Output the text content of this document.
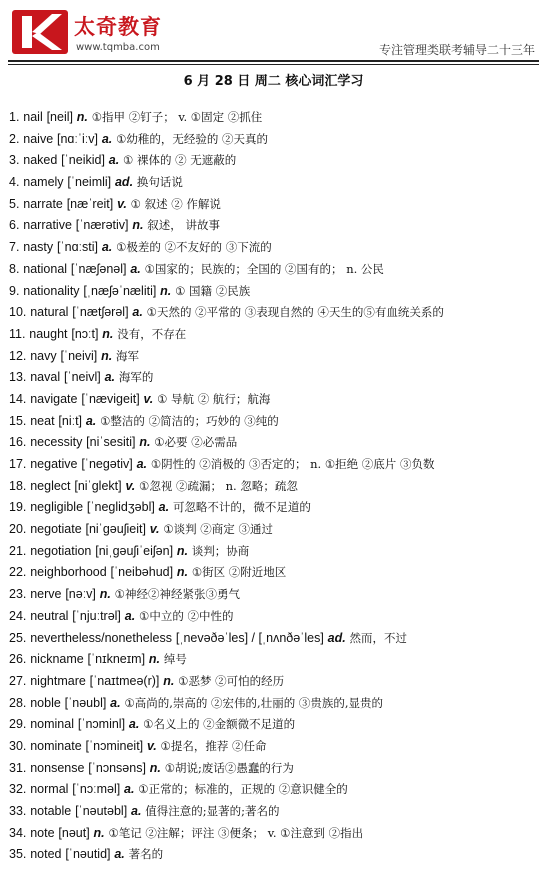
太奇教育
www.tqmba.com	专注管理类联考辅导二十三年
6 月 28 日 周二 核心词汇学习
1. nail [neil] n. ①指甲 ②钉子； v. ①固定 ②抓住
2. naive [nɑːˈiːv] a. ①幼稚的，无经验的 ②天真的
3. naked [ˈneikid] a. ① 裸体的 ② 无遮蔽的
4. namely [ˈneimli] ad. 换句话说
5. narrate [næˈreit] v. ① 叙述 ② 作解说
6. narrative [ˈnærətiv] n. 叙述， 讲故事
7. nasty [ˈnɑːsti] a. ①极差的 ②不友好的 ③下流的
8. national [ˈnæʃənəl] a. ①国家的；民族的；全国的 ②国有的； n. 公民
9. nationality [ˌnæʃəˈnæliti] n. ① 国籍 ②民族
10. natural [ˈnætʃərəl] a. ①天然的 ②平常的 ③表现自然的 ④天生的⑤有血统关系的
11. naught [nɔːt] n. 没有，不存在
12. navy [ˈneivi] n. 海军
13. naval [ˈneivl] a. 海军的
14. navigate [ˈnævigeit] v. ① 导航 ② 航行；航海
15. neat [niːt] a. ①整洁的 ②简洁的；巧妙的 ③纯的
16. necessity [niˈsesiti] n. ①必要 ②必需品
17. negative [ˈnegətiv] a. ①阴性的 ②消极的 ③否定的； n. ①拒绝 ②底片 ③负数
18. neglect [niˈglekt] v. ①忽视 ②疏漏； n. 忽略；疏忽
19. negligible [ˈneglidʒəbl] a. 可忽略不计的，微不足道的
20. negotiate [niˈgəuʃieit] v. ①谈判 ②商定 ③通过
21. negotiation [niˌgəuʃiˈeiʃən] n. 谈判；协商
22. neighborhood [ˈneibəhud] n. ①街区 ②附近地区
23. nerve [nəːv] n. ①神经②神经紧张③勇气
24. neutral [ˈnjuːtrəl] a. ①中立的 ②中性的
25. nevertheless/nonetheless [ˌnevəðəˈles] / [ˌnʌnðəˈles] ad. 然而，不过
26. nickname [ˈnɪkneɪm] n. 绰号
27. nightmare [ˈnaɪtmeə(r)] n. ①恶梦 ②可怕的经历
28. noble [ˈnəubl] a. ①高尚的,崇高的 ②宏伟的,壮丽的 ③贵族的,显贵的
29. nominal [ˈnɔminl] a. ①名义上的 ②金额微不足道的
30. nominate [ˈnɔmineit] v. ①提名，推荐 ②任命
31. nonsense [ˈnɔnsəns] n. ①胡说;废话②愚蠢的行为
32. normal [ˈnɔːməl] a. ①正常的；标准的，正规的 ②意识健全的
33. notable [ˈnəutəbl] a. 值得注意的;显著的;著名的
34. note [nəut] n. ①笔记 ②注解；评注 ③便条； v. ①注意到 ②指出
35. noted [ˈnəutid] a. 著名的
